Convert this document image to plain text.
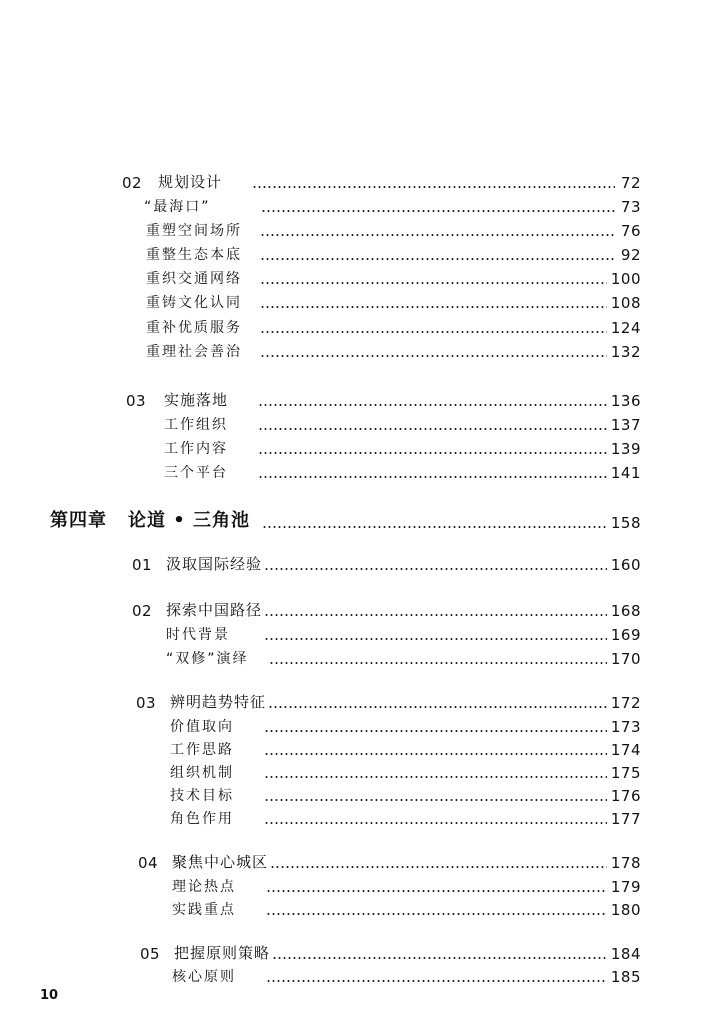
02	规划设计	72
“最海口”	73
重塑空间场所	76
重整生态本底	92
重织交通网络	100
重铸文化认同	108
重补优质服务	124
重理社会善治	132
03	实施落地	136
工作组织	137
工作内容	139
三个平台	141
第四章	论道 • 三角池	158
01 汲取国际经验	160
02 探索中国路径	168
时代背景	169
“双修”演绎	170
03 辨明趋势特征	172
价值取向	173
工作思路	174
组织机制	175
技术目标	176
角色作用	177
04 聚焦中心城区	178
理论热点	179
实践重点	180
05 把握原则策略	184
核心原则	185
10
